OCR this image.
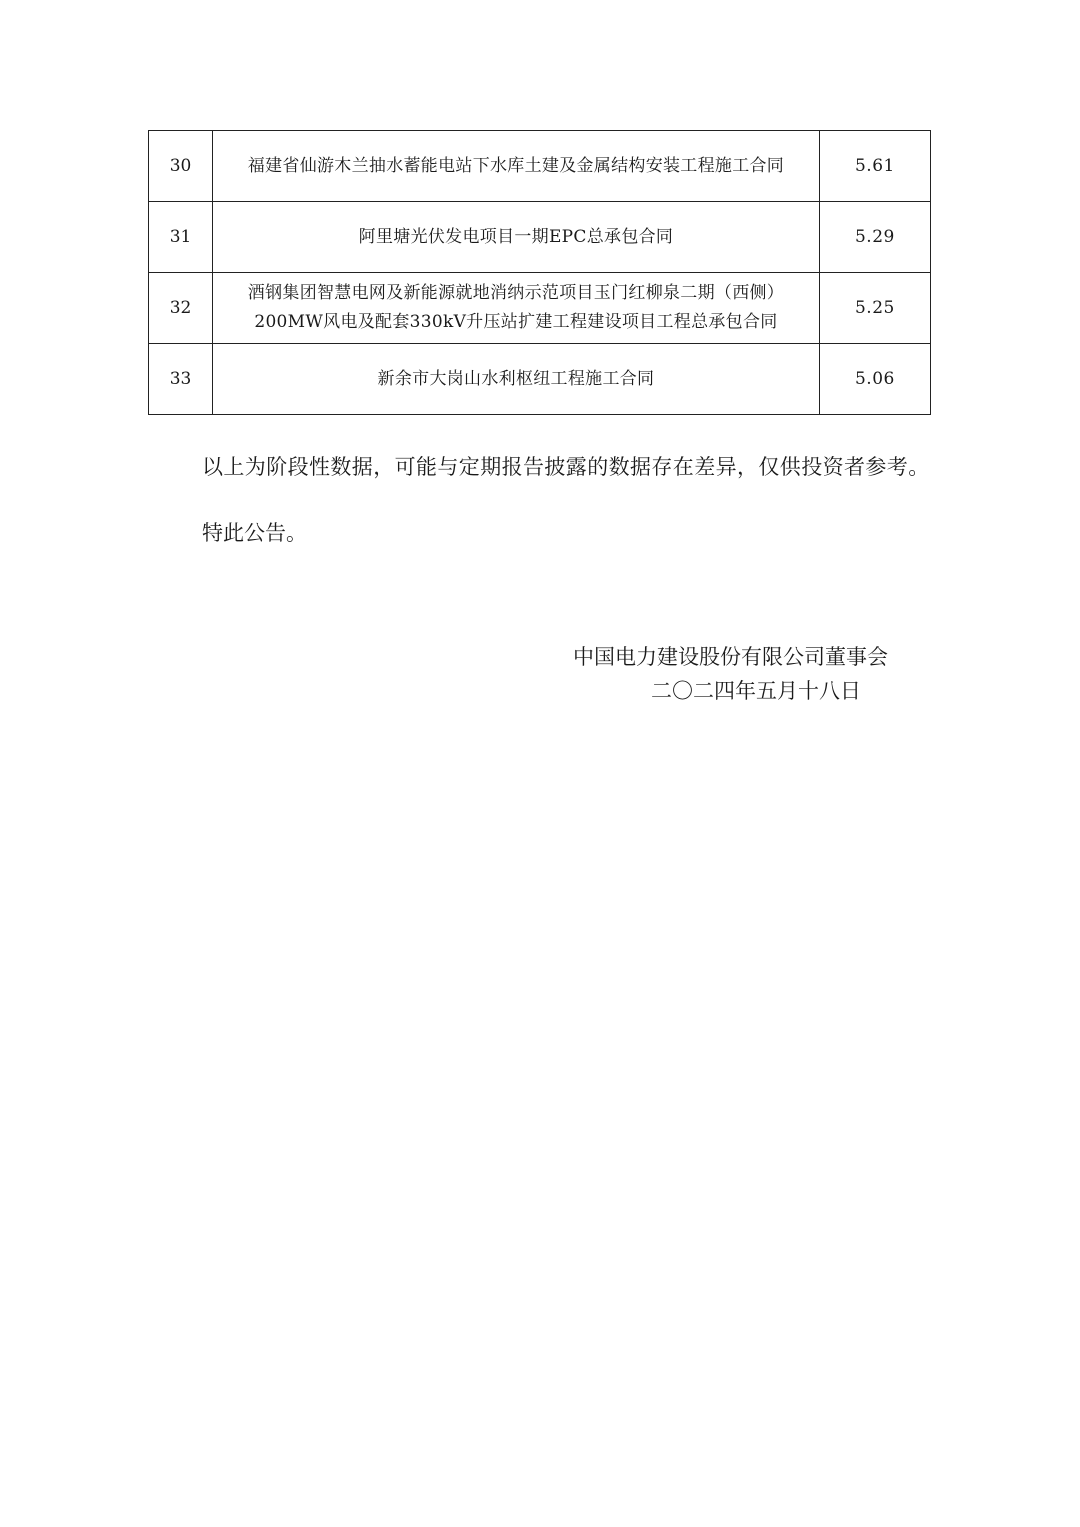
30	福建省仙游木兰抽水蓄能电站下水库土建及金属结构安装工程施工合同	5.61
31	阿里塘光伏发电项目一期EPC总承包合同	5.29
32	酒钢集团智慧电网及新能源就地消纳示范项目玉门红柳泉二期（西侧）
200MW风电及配套330kV升压站扩建工程建设项目工程总承包合同	5.25
33	新余市大岗山水利枢纽工程施工合同	5.06

以上为阶段性数据，可能与定期报告披露的数据存在差异，仅供投资者参考。

特此公告。

中国电力建设股份有限公司董事会

二〇二四年五月十八日
